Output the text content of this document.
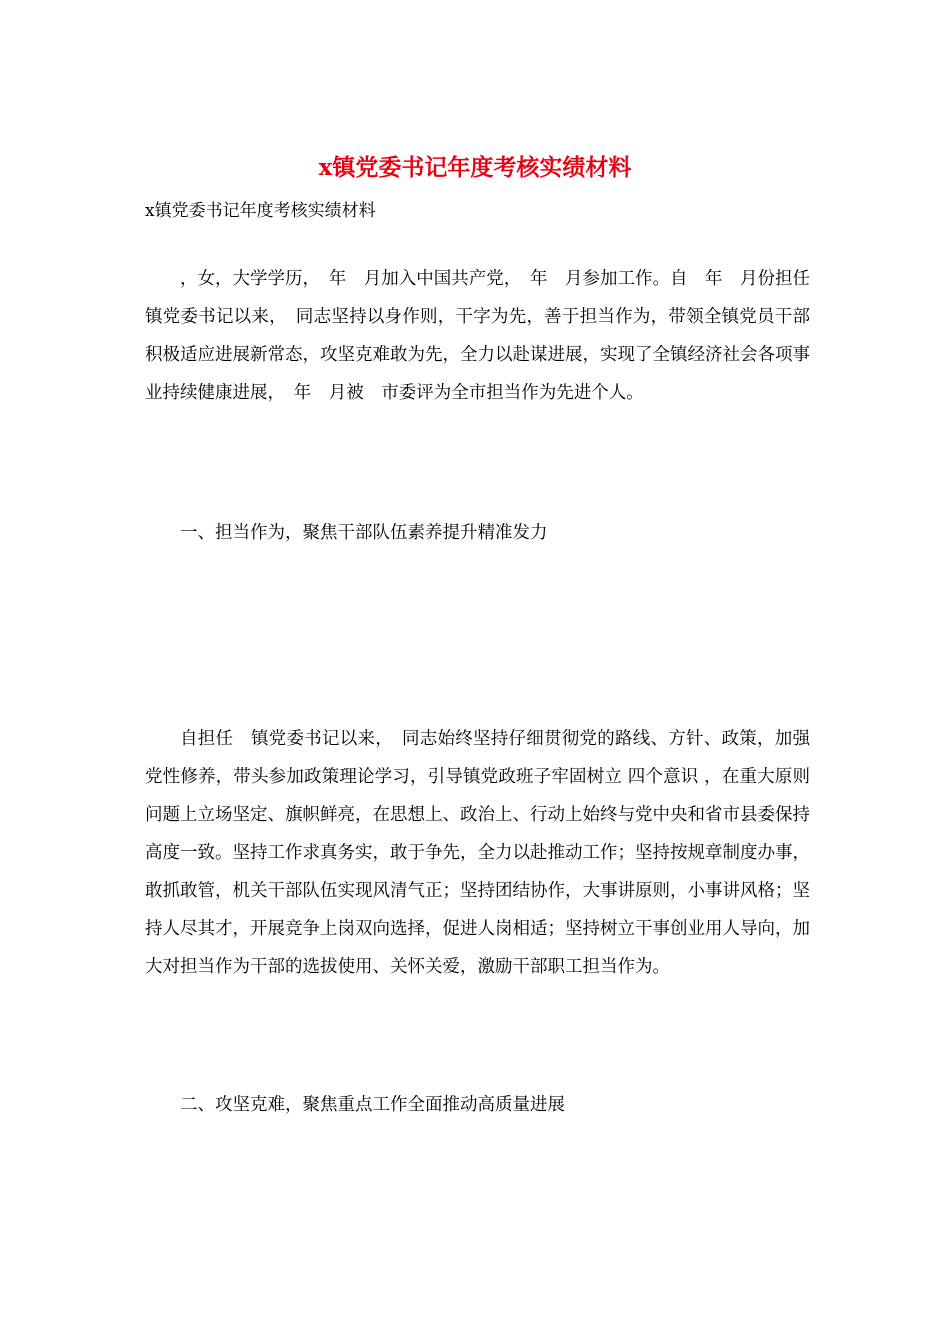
x镇党委书记年度考核实绩材料
x镇党委书记年度考核实绩材料

，女，大学学历，　年　月加入中国共产党，　年　月参加工作。自　年　月份担任　镇党委书记以来，　同志坚持以身作则，干字为先，善于担当作为，带领全镇党员干部积极适应进展新常态，攻坚克难敢为先，全力以赴谋进展，实现了全镇经济社会各项事业持续健康进展，　年　月被　市委评为全市担当作为先进个人。

一、担当作为，聚焦干部队伍素养提升精准发力

自担任　镇党委书记以来，　同志始终坚持仔细贯彻党的路线、方针、政策，加强党性修养，带头参加政策理论学习，引导镇党政班子牢固树立 四个意识 ，在重大原则问题上立场坚定、旗帜鲜亮，在思想上、政治上、行动上始终与党中央和省市县委保持高度一致。坚持工作求真务实，敢于争先，全力以赴推动工作；坚持按规章制度办事，敢抓敢管，机关干部队伍实现风清气正；坚持团结协作，大事讲原则，小事讲风格；坚持人尽其才，开展竞争上岗双向选择，促进人岗相适；坚持树立干事创业用人导向，加大对担当作为干部的选拔使用、关怀关爱，激励干部职工担当作为。

二、攻坚克难，聚焦重点工作全面推动高质量进展
